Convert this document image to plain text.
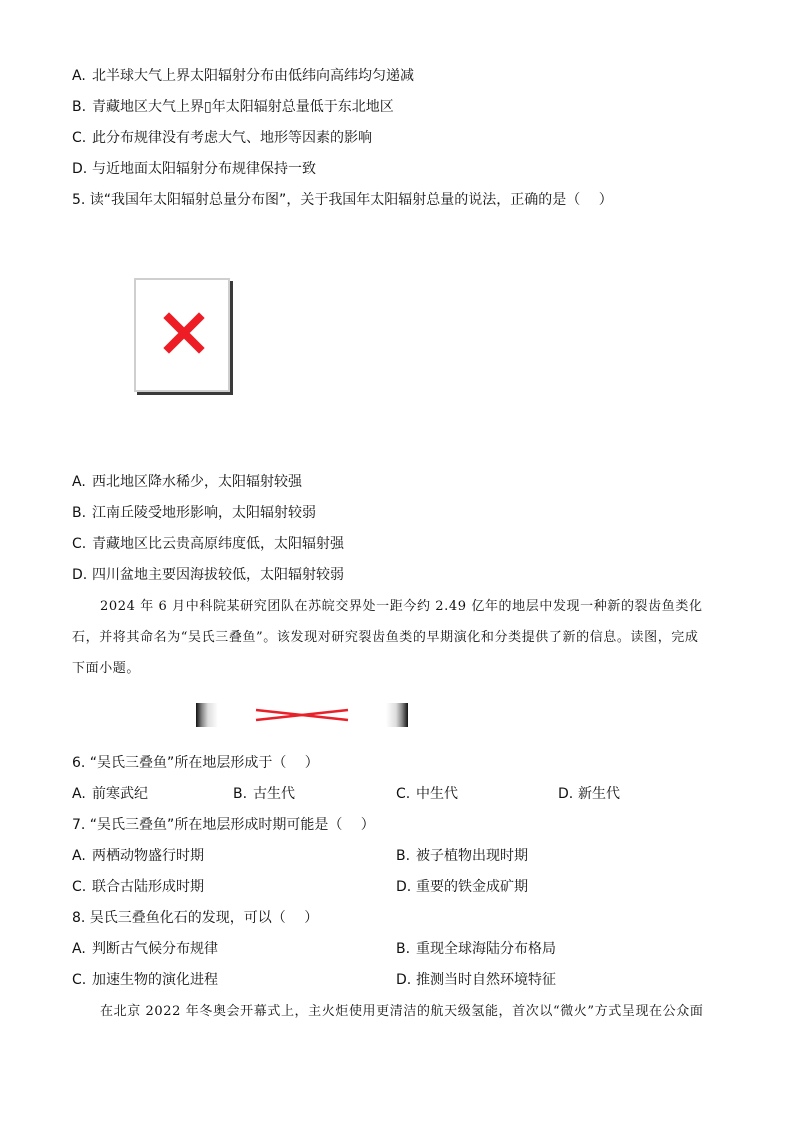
A. 北半球大气上界太阳辐射分布由低纬向高纬均匀递减
B. 青藏地区大气上界▯年太阳辐射总量低于东北地区
C. 此分布规律没有考虑大气、地形等因素的影响
D. 与近地面太阳辐射分布规律保持一致
5. 读“我国年太阳辐射总量分布图”，关于我国年太阳辐射总量的说法，正确的是（　 ）
A. 西北地区降水稀少，太阳辐射较强
B. 江南丘陵受地形影响，太阳辐射较弱
C. 青藏地区比云贵高原纬度低，太阳辐射强
D. 四川盆地主要因海拔较低，太阳辐射较弱
2024 年 6 月中科院某研究团队在苏皖交界处一距今约 2.49 亿年的地层中发现一种新的裂齿鱼类化
石，并将其命名为“吴氏三叠鱼”。该发现对研究裂齿鱼类的早期演化和分类提供了新的信息。读图，完成
下面小题。
6. “吴氏三叠鱼”所在地层形成于（　 ）
A. 前寒武纪	B. 古生代	C. 中生代	D. 新生代
7. “吴氏三叠鱼”所在地层形成时期可能是（　 ）
A. 两栖动物盛行时期	B. 被子植物出现时期
C. 联合古陆形成时期	D. 重要的铁金成矿期
8. 吴氏三叠鱼化石的发现，可以（　 ）
A. 判断古气候分布规律	B. 重现全球海陆分布格局
C. 加速生物的演化进程	D. 推测当时自然环境特征
在北京 2022 年冬奥会开幕式上，主火炬使用更清洁的航天级氢能，首次以“微火”方式呈现在公众面
